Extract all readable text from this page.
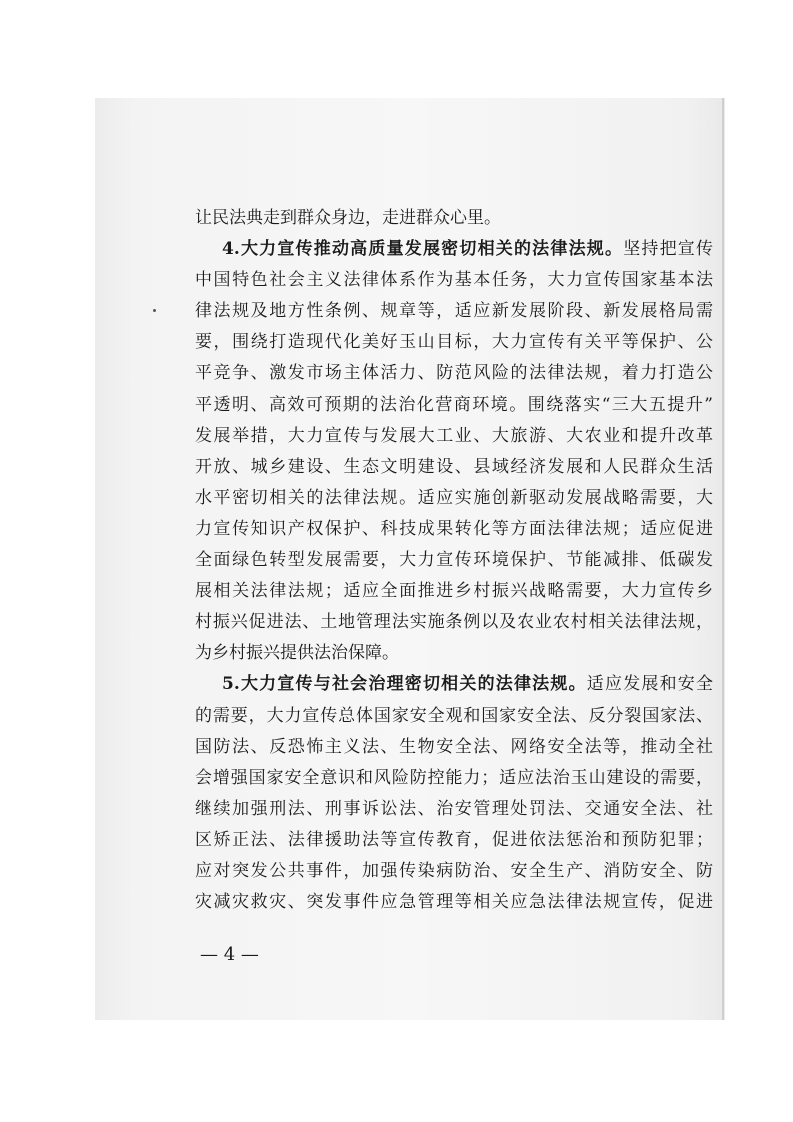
让民法典走到群众身边，走进群众心里。
4.大力宣传推动高质量发展密切相关的法律法规。坚持把宣传
中国特色社会主义法律体系作为基本任务，大力宣传国家基本法
律法规及地方性条例、规章等，适应新发展阶段、新发展格局需
要，围绕打造现代化美好玉山目标，大力宣传有关平等保护、公
平竞争、激发市场主体活力、防范风险的法律法规，着力打造公
平透明、高效可预期的法治化营商环境。围绕落实“三大五提升”
发展举措，大力宣传与发展大工业、大旅游、大农业和提升改革
开放、城乡建设、生态文明建设、县域经济发展和人民群众生活
水平密切相关的法律法规。适应实施创新驱动发展战略需要，大
力宣传知识产权保护、科技成果转化等方面法律法规；适应促进
全面绿色转型发展需要，大力宣传环境保护、节能减排、低碳发
展相关法律法规；适应全面推进乡村振兴战略需要，大力宣传乡
村振兴促进法、土地管理法实施条例以及农业农村相关法律法规，
为乡村振兴提供法治保障。
5.大力宣传与社会治理密切相关的法律法规。适应发展和安全
的需要，大力宣传总体国家安全观和国家安全法、反分裂国家法、
国防法、反恐怖主义法、生物安全法、网络安全法等，推动全社
会增强国家安全意识和风险防控能力；适应法治玉山建设的需要，
继续加强刑法、刑事诉讼法、治安管理处罚法、交通安全法、社
区矫正法、法律援助法等宣传教育，促进依法惩治和预防犯罪；
应对突发公共事件，加强传染病防治、安全生产、消防安全、防
灾减灾救灾、突发事件应急管理等相关应急法律法规宣传，促进
— 4 —
